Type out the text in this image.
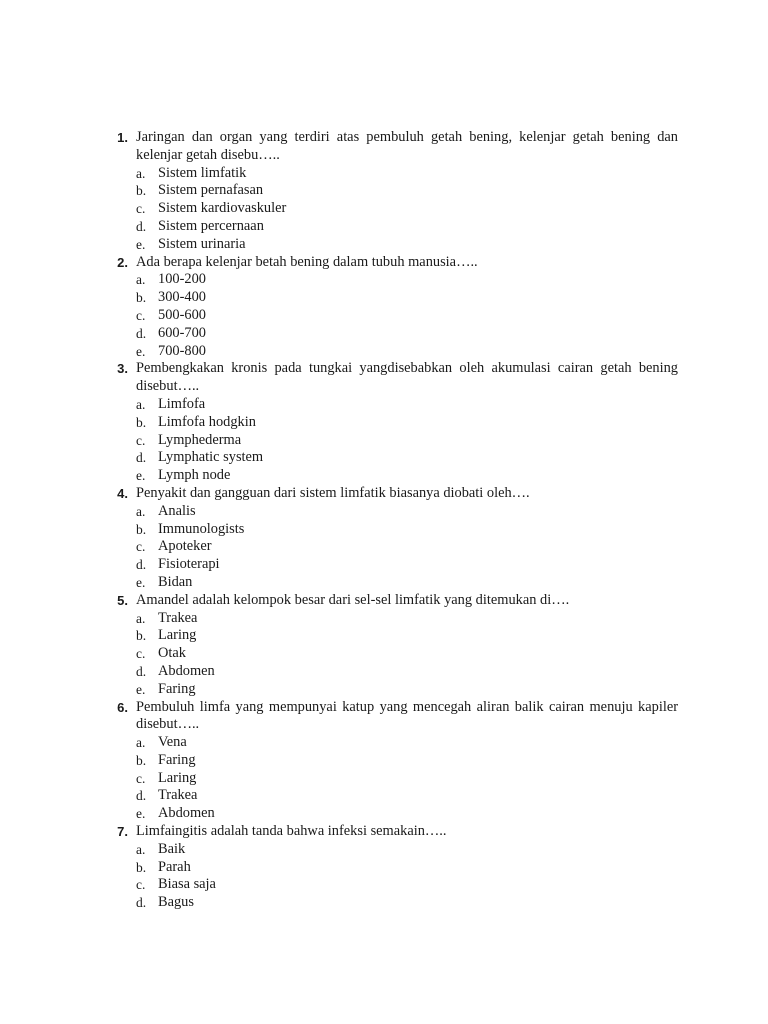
1. Jaringan dan organ yang terdiri atas pembuluh getah bening, kelenjar getah bening dan kelenjar getah disebu…..
a. Sistem limfatik
b. Sistem pernafasan
c. Sistem kardiovaskuler
d. Sistem percernaan
e. Sistem urinaria
2. Ada berapa kelenjar betah bening dalam tubuh manusia…..
a. 100-200
b. 300-400
c. 500-600
d. 600-700
e. 700-800
3. Pembengkakan kronis pada tungkai yangdisebabkan oleh akumulasi cairan getah bening disebut…..
a. Limfofa
b. Limfofa hodgkin
c. Lymphederma
d. Lymphatic system
e. Lymph node
4. Penyakit dan gangguan dari sistem limfatik biasanya diobati oleh….
a. Analis
b. Immunologists
c. Apoteker
d. Fisioterapi
e. Bidan
5. Amandel adalah kelompok besar dari sel-sel limfatik yang ditemukan di….
a. Trakea
b. Laring
c. Otak
d. Abdomen
e. Faring
6. Pembuluh limfa yang mempunyai katup yang mencegah aliran balik cairan menuju kapiler disebut…..
a. Vena
b. Faring
c. Laring
d. Trakea
e. Abdomen
7. Limfaingitis adalah tanda bahwa infeksi semakain…..
a. Baik
b. Parah
c. Biasa saja
d. Bagus
